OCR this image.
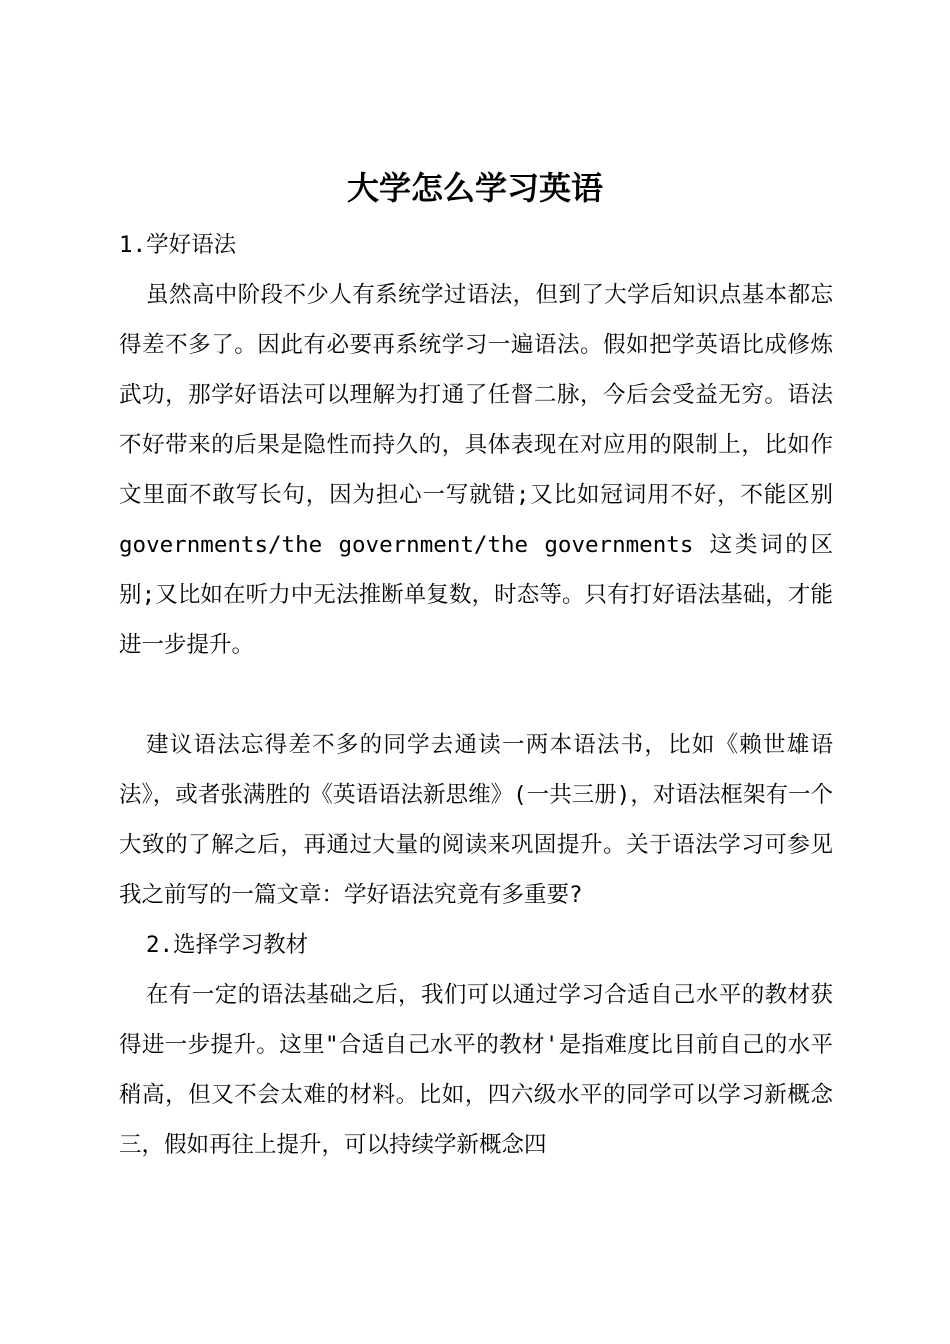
大学怎么学习英语

1.学好语法

虽然高中阶段不少人有系统学过语法，但到了大学后知识点基本都忘得差不多了。因此有必要再系统学习一遍语法。假如把学英语比成修炼武功，那学好语法可以理解为打通了任督二脉，今后会受益无穷。语法不好带来的后果是隐性而持久的，具体表现在对应用的限制上，比如作文里面不敢写长句，因为担心一写就错;又比如冠词用不好，不能区别 governments/the government/the governments 这类词的区别;又比如在听力中无法推断单复数，时态等。只有打好语法基础，才能进一步提升。

建议语法忘得差不多的同学去通读一两本语法书，比如《赖世雄语法》，或者张满胜的《英语语法新思维》(一共三册)，对语法框架有一个大致的了解之后，再通过大量的阅读来巩固提升。关于语法学习可参见我之前写的一篇文章：学好语法究竟有多重要?

2.选择学习教材

在有一定的语法基础之后，我们可以通过学习合适自己水平的教材获得进一步提升。这里"合适自己水平的教材'是指难度比目前自己的水平稍高，但又不会太难的材料。比如，四六级水平的同学可以学习新概念三，假如再往上提升，可以持续学新概念四
